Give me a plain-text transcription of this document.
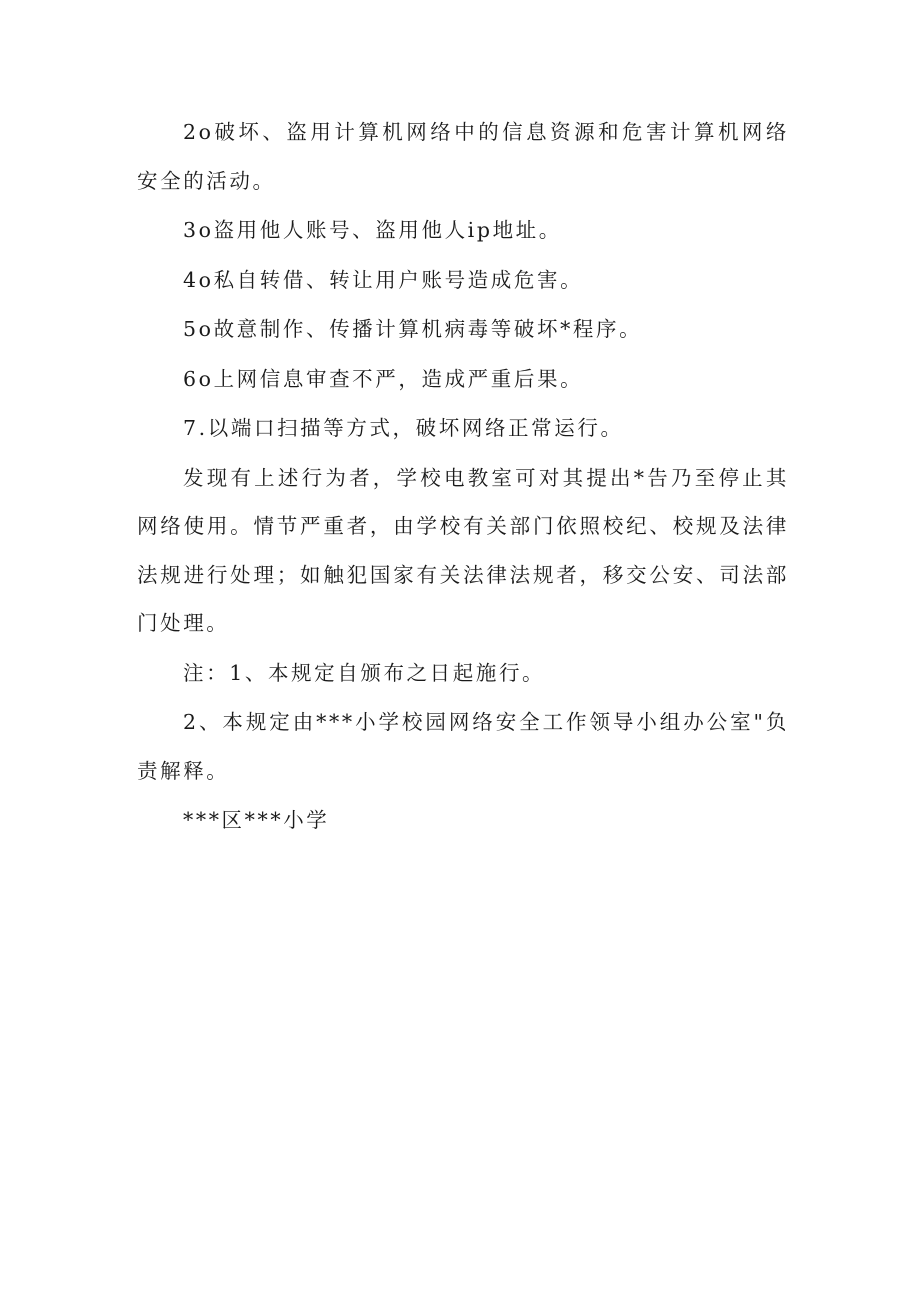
2o破坏、盗用计算机网络中的信息资源和危害计算机网络安全的活动。

3o盗用他人账号、盗用他人ip地址。

4o私自转借、转让用户账号造成危害。

5o故意制作、传播计算机病毒等破坏*程序。

6o上网信息审查不严，造成严重后果。

7.以端口扫描等方式，破坏网络正常运行。

发现有上述行为者，学校电教室可对其提出*告乃至停止其网络使用。情节严重者，由学校有关部门依照校纪、校规及法律法规进行处理；如触犯国家有关法律法规者，移交公安、司法部门处理。

注：1、本规定自颁布之日起施行。

2、本规定由***小学校园网络安全工作领导小组办公室"负责解释。

***区***小学
